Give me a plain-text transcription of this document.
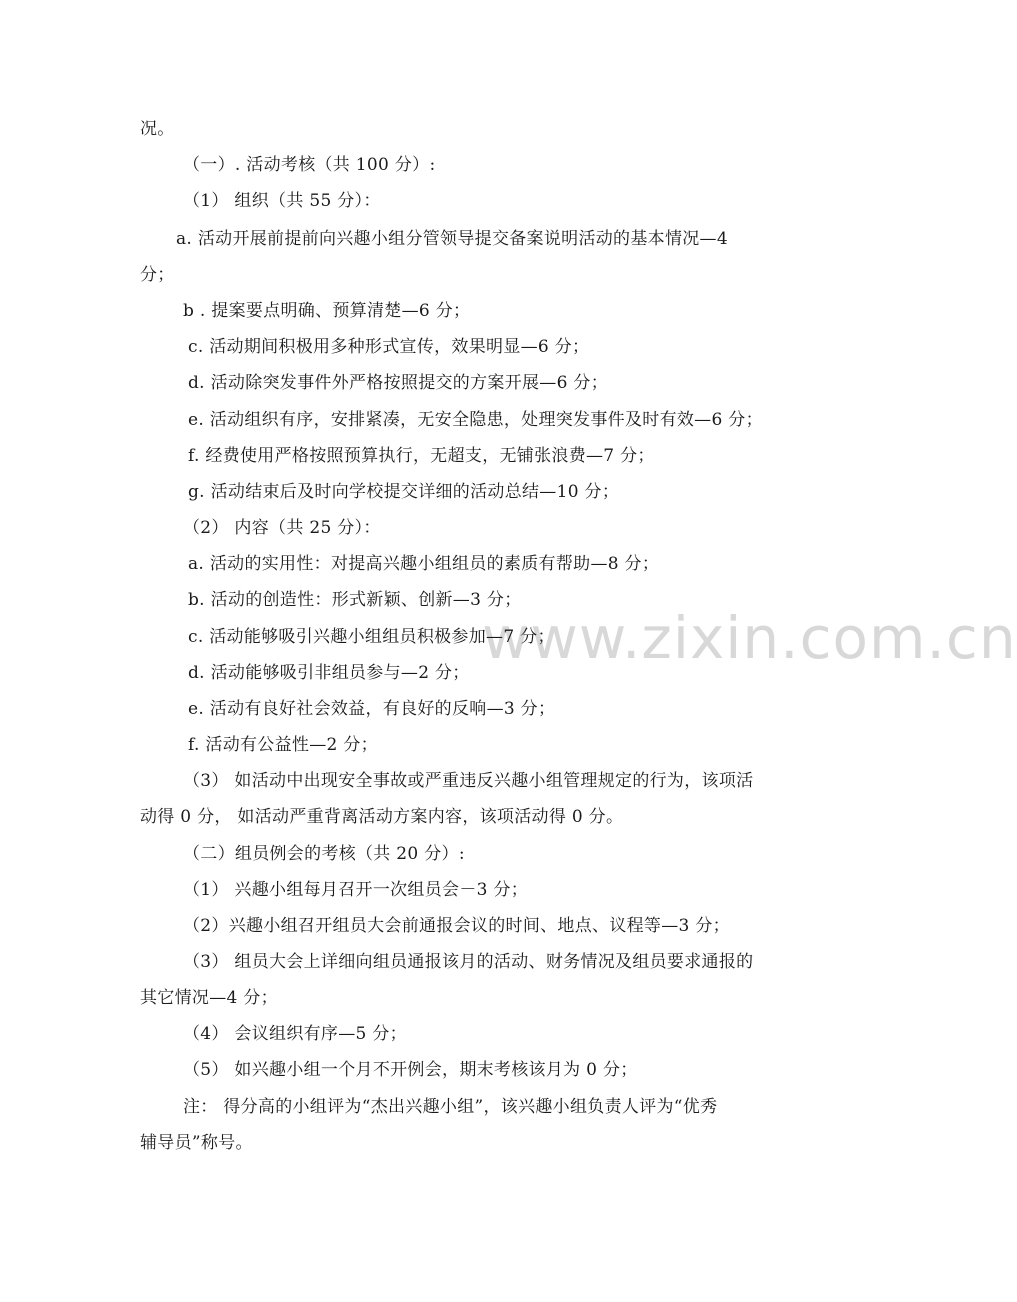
www.zixin.com.cn
况。
（一）. 活动考核（共 100 分）:
（1） 组织（共 55 分）：
a. 活动开展前提前向兴趣小组分管领导提交备案说明活动的基本情况—4
分；
b . 提案要点明确、预算清楚—6 分；
c. 活动期间积极用多种形式宣传，效果明显—6 分；
d. 活动除突发事件外严格按照提交的方案开展—6 分；
e. 活动组织有序，安排紧凑，无安全隐患，处理突发事件及时有效—6 分；
f. 经费使用严格按照预算执行，无超支，无铺张浪费—7 分；
g. 活动结束后及时向学校提交详细的活动总结—10 分；
（2） 内容（共 25 分）：
a. 活动的实用性：对提高兴趣小组组员的素质有帮助—8 分；
b. 活动的创造性：形式新颖、创新—3 分；
c. 活动能够吸引兴趣小组组员积极参加—7 分；
d. 活动能够吸引非组员参与—2 分；
e. 活动有良好社会效益，有良好的反响—3 分；
f. 活动有公益性—2 分；
（3） 如活动中出现安全事故或严重违反兴趣小组管理规定的行为，该项活
动得 0 分， 如活动严重背离活动方案内容，该项活动得 0 分。
（二）组员例会的考核（共 20 分）:
（1） 兴趣小组每月召开一次组员会－3 分；
（2）兴趣小组召开组员大会前通报会议的时间、地点、议程等—3 分；
（3） 组员大会上详细向组员通报该月的活动、财务情况及组员要求通报的
其它情况—4 分；
（4） 会议组织有序—5 分；
（5） 如兴趣小组一个月不开例会，期末考核该月为 0 分；
注： 得分高的小组评为“杰出兴趣小组”，该兴趣小组负责人评为“优秀
辅导员”称号。
